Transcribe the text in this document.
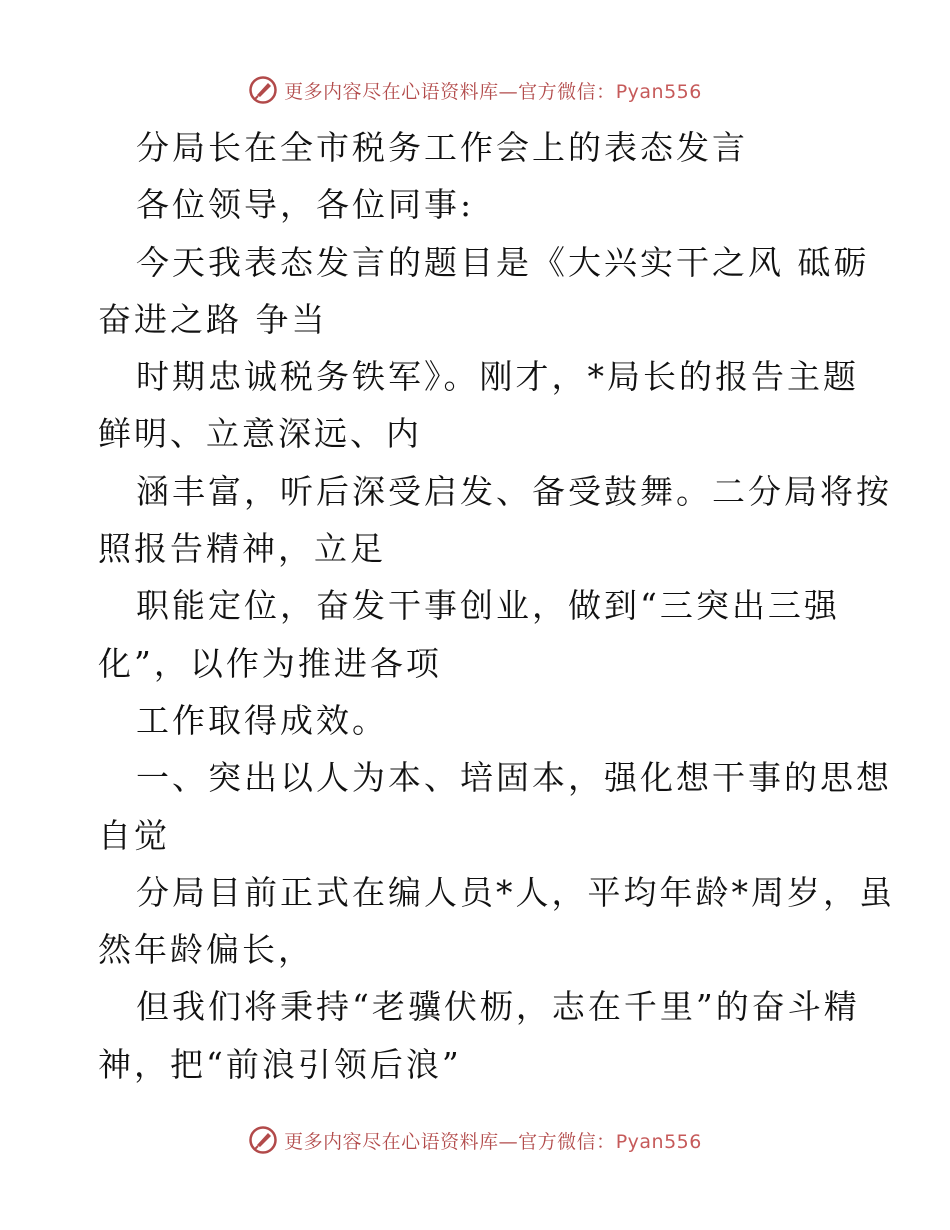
更多内容尽在心语资料库—官方微信：Pyan556
分局长在全市税务工作会上的表态发言
各位领导，各位同事:
今天我表态发言的题目是《大兴实干之风 砥砺
奋进之路 争当
时期忠诚税务铁军》。刚才，*局长的报告主题
鲜明、立意深远、内
涵丰富，听后深受启发、备受鼓舞。二分局将按
照报告精神，立足
职能定位，奋发干事创业，做到“三突出三强
化”，以作为推进各项
工作取得成效。
一、突出以人为本、培固本，强化想干事的思想
自觉
分局目前正式在编人员*人，平均年龄*周岁，虽
然年龄偏长，
但我们将秉持“老骥伏枥，志在千里”的奋斗精
神，把“前浪引领后浪”
更多内容尽在心语资料库—官方微信：Pyan556
